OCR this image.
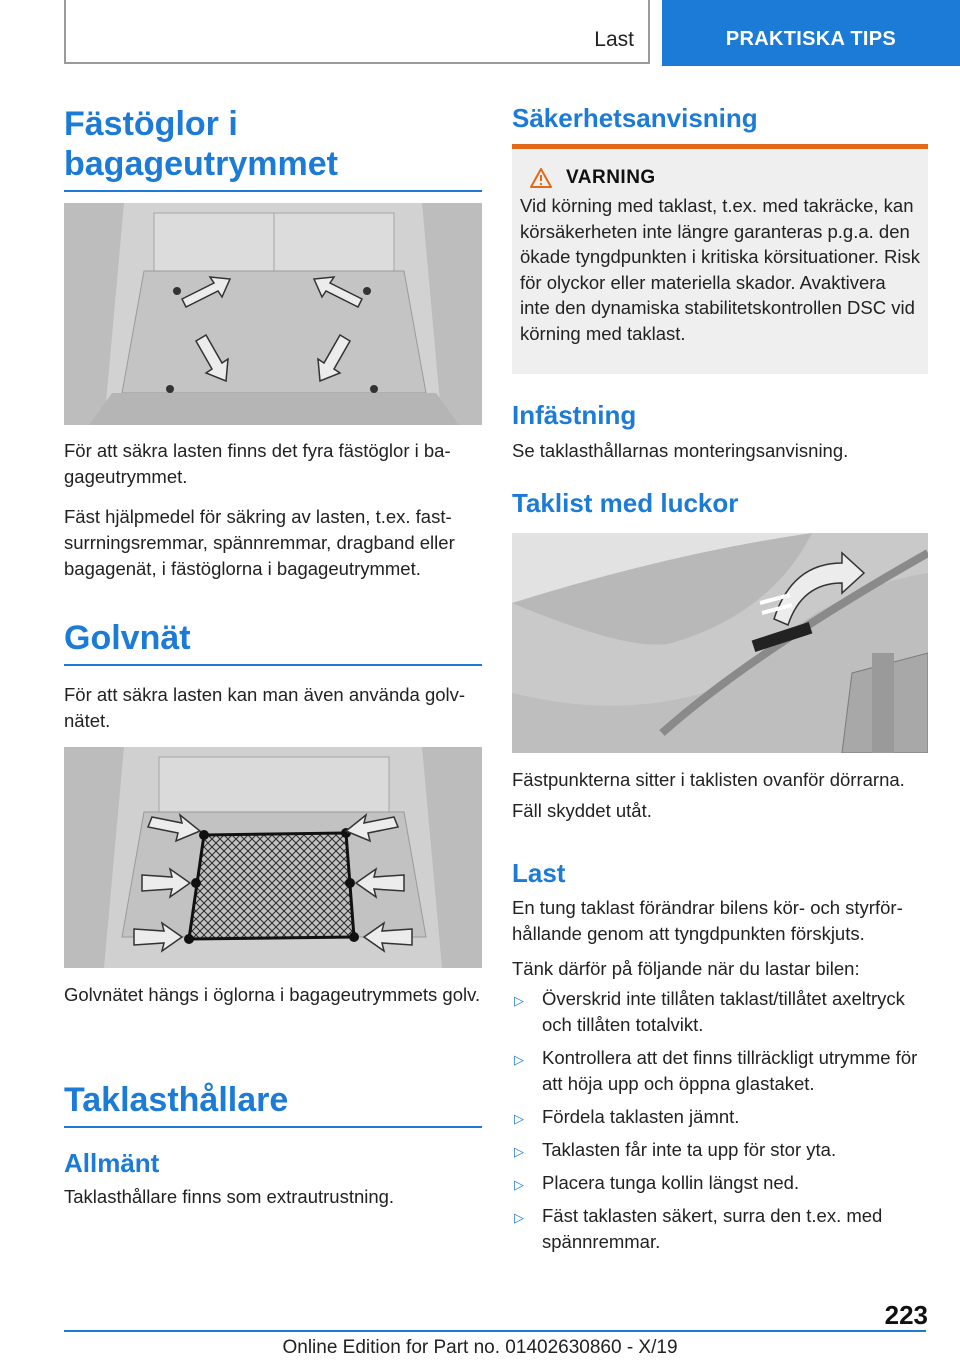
Last	PRAKTISKA TIPS
Fästöglor i bagageutrymmet

För att säkra lasten finns det fyra fästöglor i bagageutrymmet.

Fäst hjälpmedel för säkring av lasten, t.ex. fastsurrningsremmar, spännremmar, dragband eller bagagenät, i fästöglorna i bagageutrymmet.

Golvnät

För att säkra lasten kan man även använda golvnätet.

Golvnätet hängs i öglorna i bagageutrymmets golv.

Taklasthållare
Allmänt

Taklasthållare finns som extrautrustning.

Säkerhetsanvisning
VARNING

Vid körning med taklast, t.ex. med takräcke, kan körsäkerheten inte längre garanteras p.g.a. den ökade tyngdpunkten i kritiska körsituationer. Risk för olyckor eller materiella skador. Avaktivera inte den dynamiska stabilitetskontrollen DSC vid körning med taklast.

Infästning

Se taklasthållarnas monteringsanvisning.

Taklist med luckor

Fästpunkterna sitter i taklisten ovanför dörrarna.

Fäll skyddet utåt.

Last

En tung taklast förändrar bilens kör- och styrförhållande genom att tyngdpunkten förskjuts.

Tänk därför på följande när du lastar bilen:

▷ Överskrid inte tillåten taklast/tillåtet axeltryck och tillåten totalvikt.
▷ Kontrollera att det finns tillräckligt utrymme för att höja upp och öppna glastaket.
▷ Fördela taklasten jämnt.
▷ Taklasten får inte ta upp för stor yta.
▷ Placera tunga kollin längst ned.
▷ Fäst taklasten säkert, surra den t.ex. med spännremmar.
223
Online Edition for Part no. 01402630860 - X/19
